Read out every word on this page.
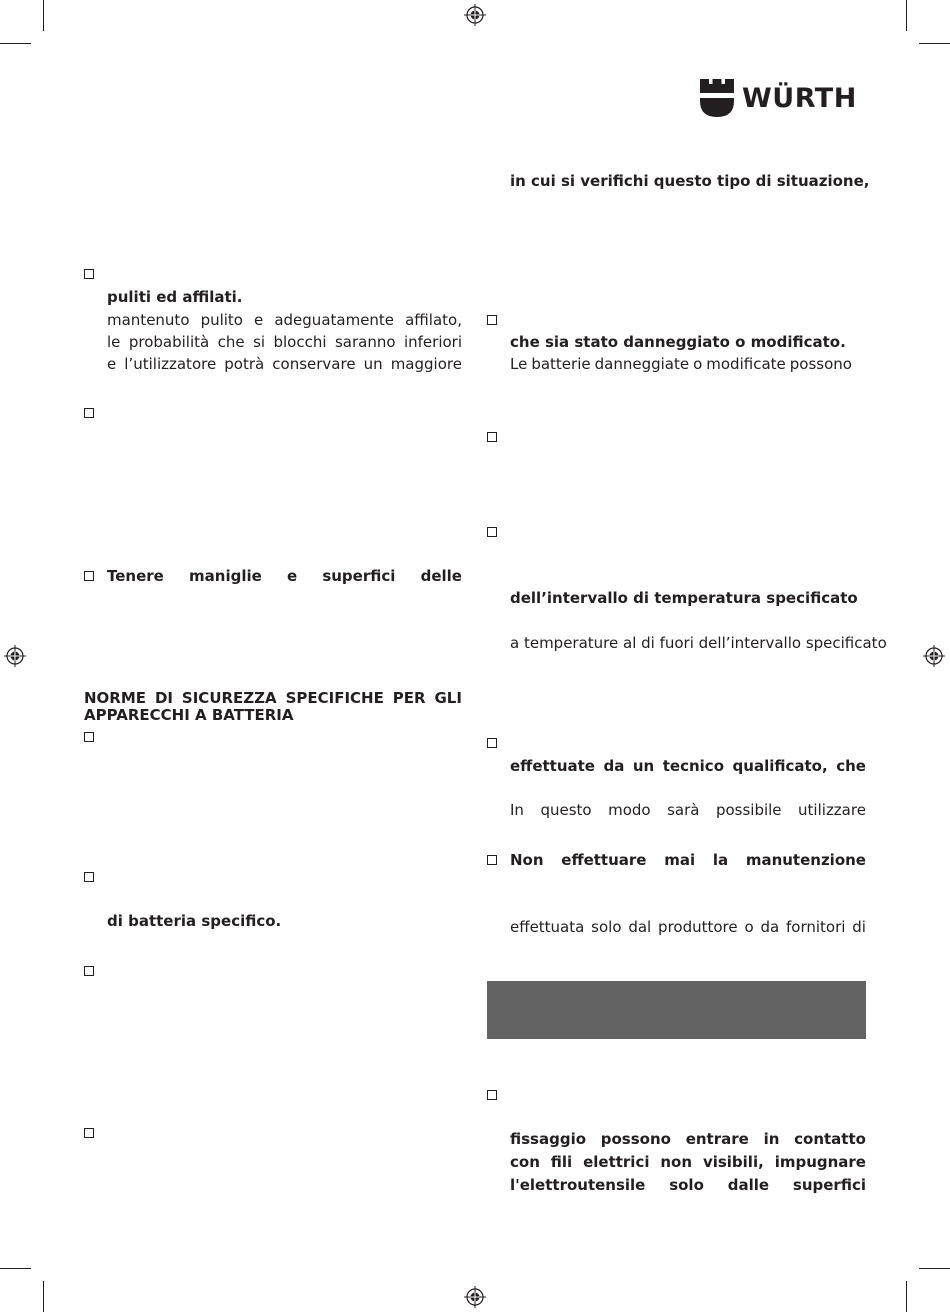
WÜRTH
puliti ed affilati.
mantenuto pulito e adeguatamente affilato,
le probabilità che si blocchi saranno inferiori
e l’utilizzatore potrà conservare un maggiore
Tenere maniglie e superfici delle
NORME DI SICUREZZA SPECIFICHE PER GLI
APPARECCHI A BATTERIA
di batteria specifico.
in cui si verifichi questo tipo di situazione,
che sia stato danneggiato o modificato.
Le batterie danneggiate o modificate possono
dell’intervallo di temperatura specificato
a temperature al di fuori dell’intervallo specificato
effettuate da un tecnico qualificato, che
In questo modo sarà possibile utilizzare
Non effettuare mai la manutenzione
effettuata solo dal produttore o da fornitori di
fissaggio possono entrare in contatto
con fili elettrici non visibili, impugnare
l'elettroutensile solo dalle superfici
